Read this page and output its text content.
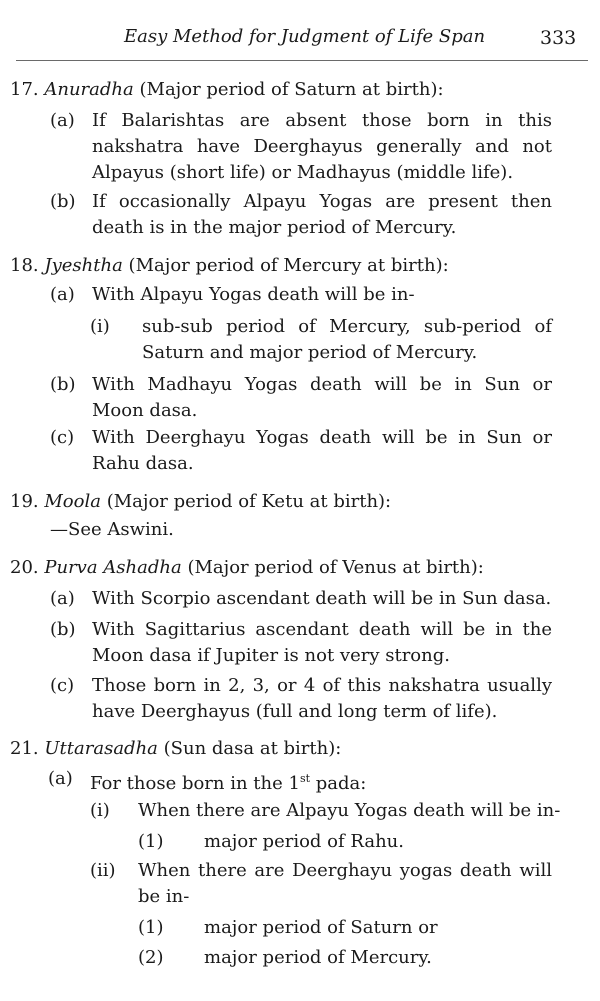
Easy Method for Judgment of Life Span	333
17. Anuradha (Major period of Saturn at birth):
(a) If Balarishtas are absent those born in this nakshatra have Deerghayus generally and not Alpayus (short life) or Madhayus (middle life).
(b) If occasionally Alpayu Yogas are present then death is in the major period of Mercury.
18. Jyeshtha (Major period of Mercury at birth):
(a) With Alpayu Yogas death will be in-
(i) sub-sub period of Mercury, sub-period of Saturn and major period of Mercury.
(b) With Madhayu Yogas death will be in Sun or Moon dasa.
(c) With Deerghayu Yogas death will be in Sun or Rahu dasa.
19. Moola (Major period of Ketu at birth):
—See Aswini.
20. Purva Ashadha (Major period of Venus at birth):
(a) With Scorpio ascendant death will be in Sun dasa.
(b) With Sagittarius ascendant death will be in the Moon dasa if Jupiter is not very strong.
(c) Those born in 2, 3, or 4 of this nakshatra usually have Deerghayus (full and long term of life).
21. Uttarasadha (Sun dasa at birth):
(a) For those born in the 1st pada:
(i) When there are Alpayu Yogas death will be in-
(1) major period of Rahu.
(ii) When there are Deerghayu yogas death will be in-
(1) major period of Saturn or
(2) major period of Mercury.
